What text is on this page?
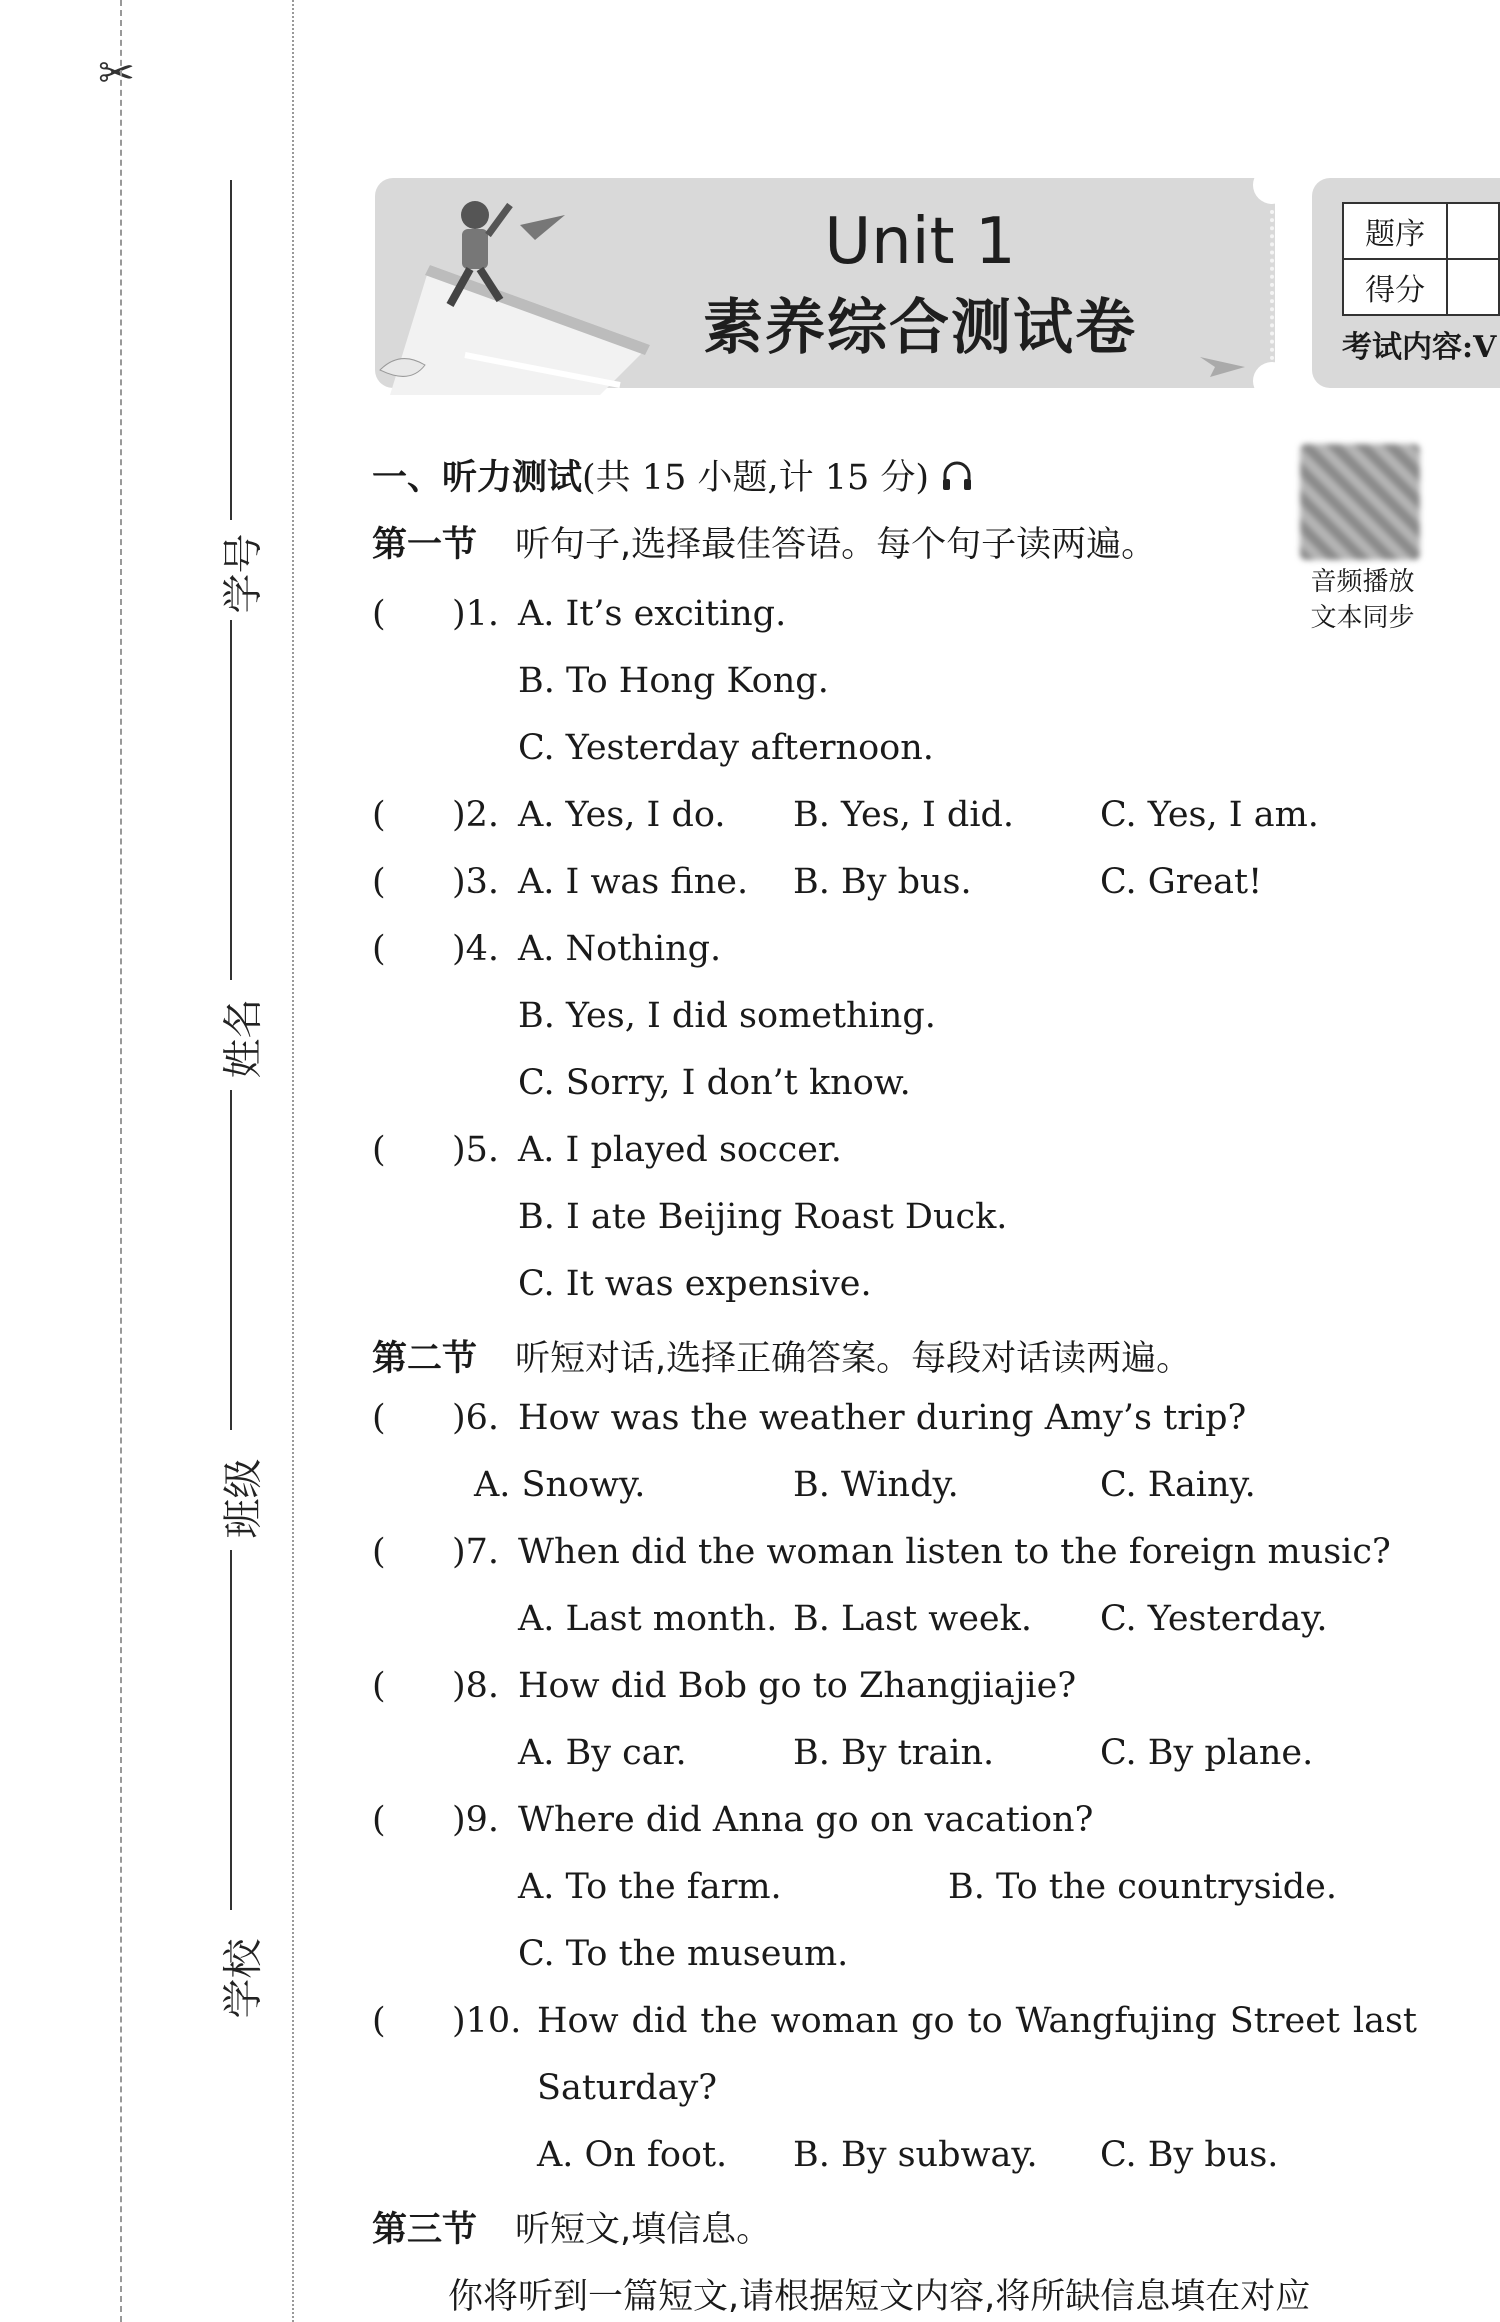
✂
学号
姓名
班级
学校
Unit 1
素养综合测试卷
题序	
得分	
考试内容:V
音频播放
文本同步
一、听力测试(共 15 小题,计 15 分)
第一节 听句子,选择最佳答语。每个句子读两遍。
( )1. A. It’s exciting.
B. To Hong Kong.
C. Yesterday afternoon.
( )2. A. Yes, I do. B. Yes, I did. C. Yes, I am.
( )3. A. I was fine. B. By bus.	C. Great!
( )4. A. Nothing.
B. Yes, I did something.
C. Sorry, I don’t know.
( )5. A. I played soccer.
B. I ate Beijing Roast Duck.
C. It was expensive.
第二节 听短对话,选择正确答案。每段对话读两遍。
( )6. How was the weather during Amy’s trip?
A. Snowy.	B. Windy.	C. Rainy.
( )7. When did the woman listen to the foreign music?
A. Last month. B. Last week. C. Yesterday.
( )8. How did Bob go to Zhangjiajie?
A. By car.	B. By train.	C. By plane.
( )9. Where did Anna go on vacation?
A. To the farm.	B. To the countryside.
C. To the museum.
( )10. How did the woman go to Wangfujing Street last
Saturday?
A. On foot. B. By subway. C. By bus.
第三节 听短文,填信息。
你将听到一篇短文,请根据短文内容,将所缺信息填在对应
